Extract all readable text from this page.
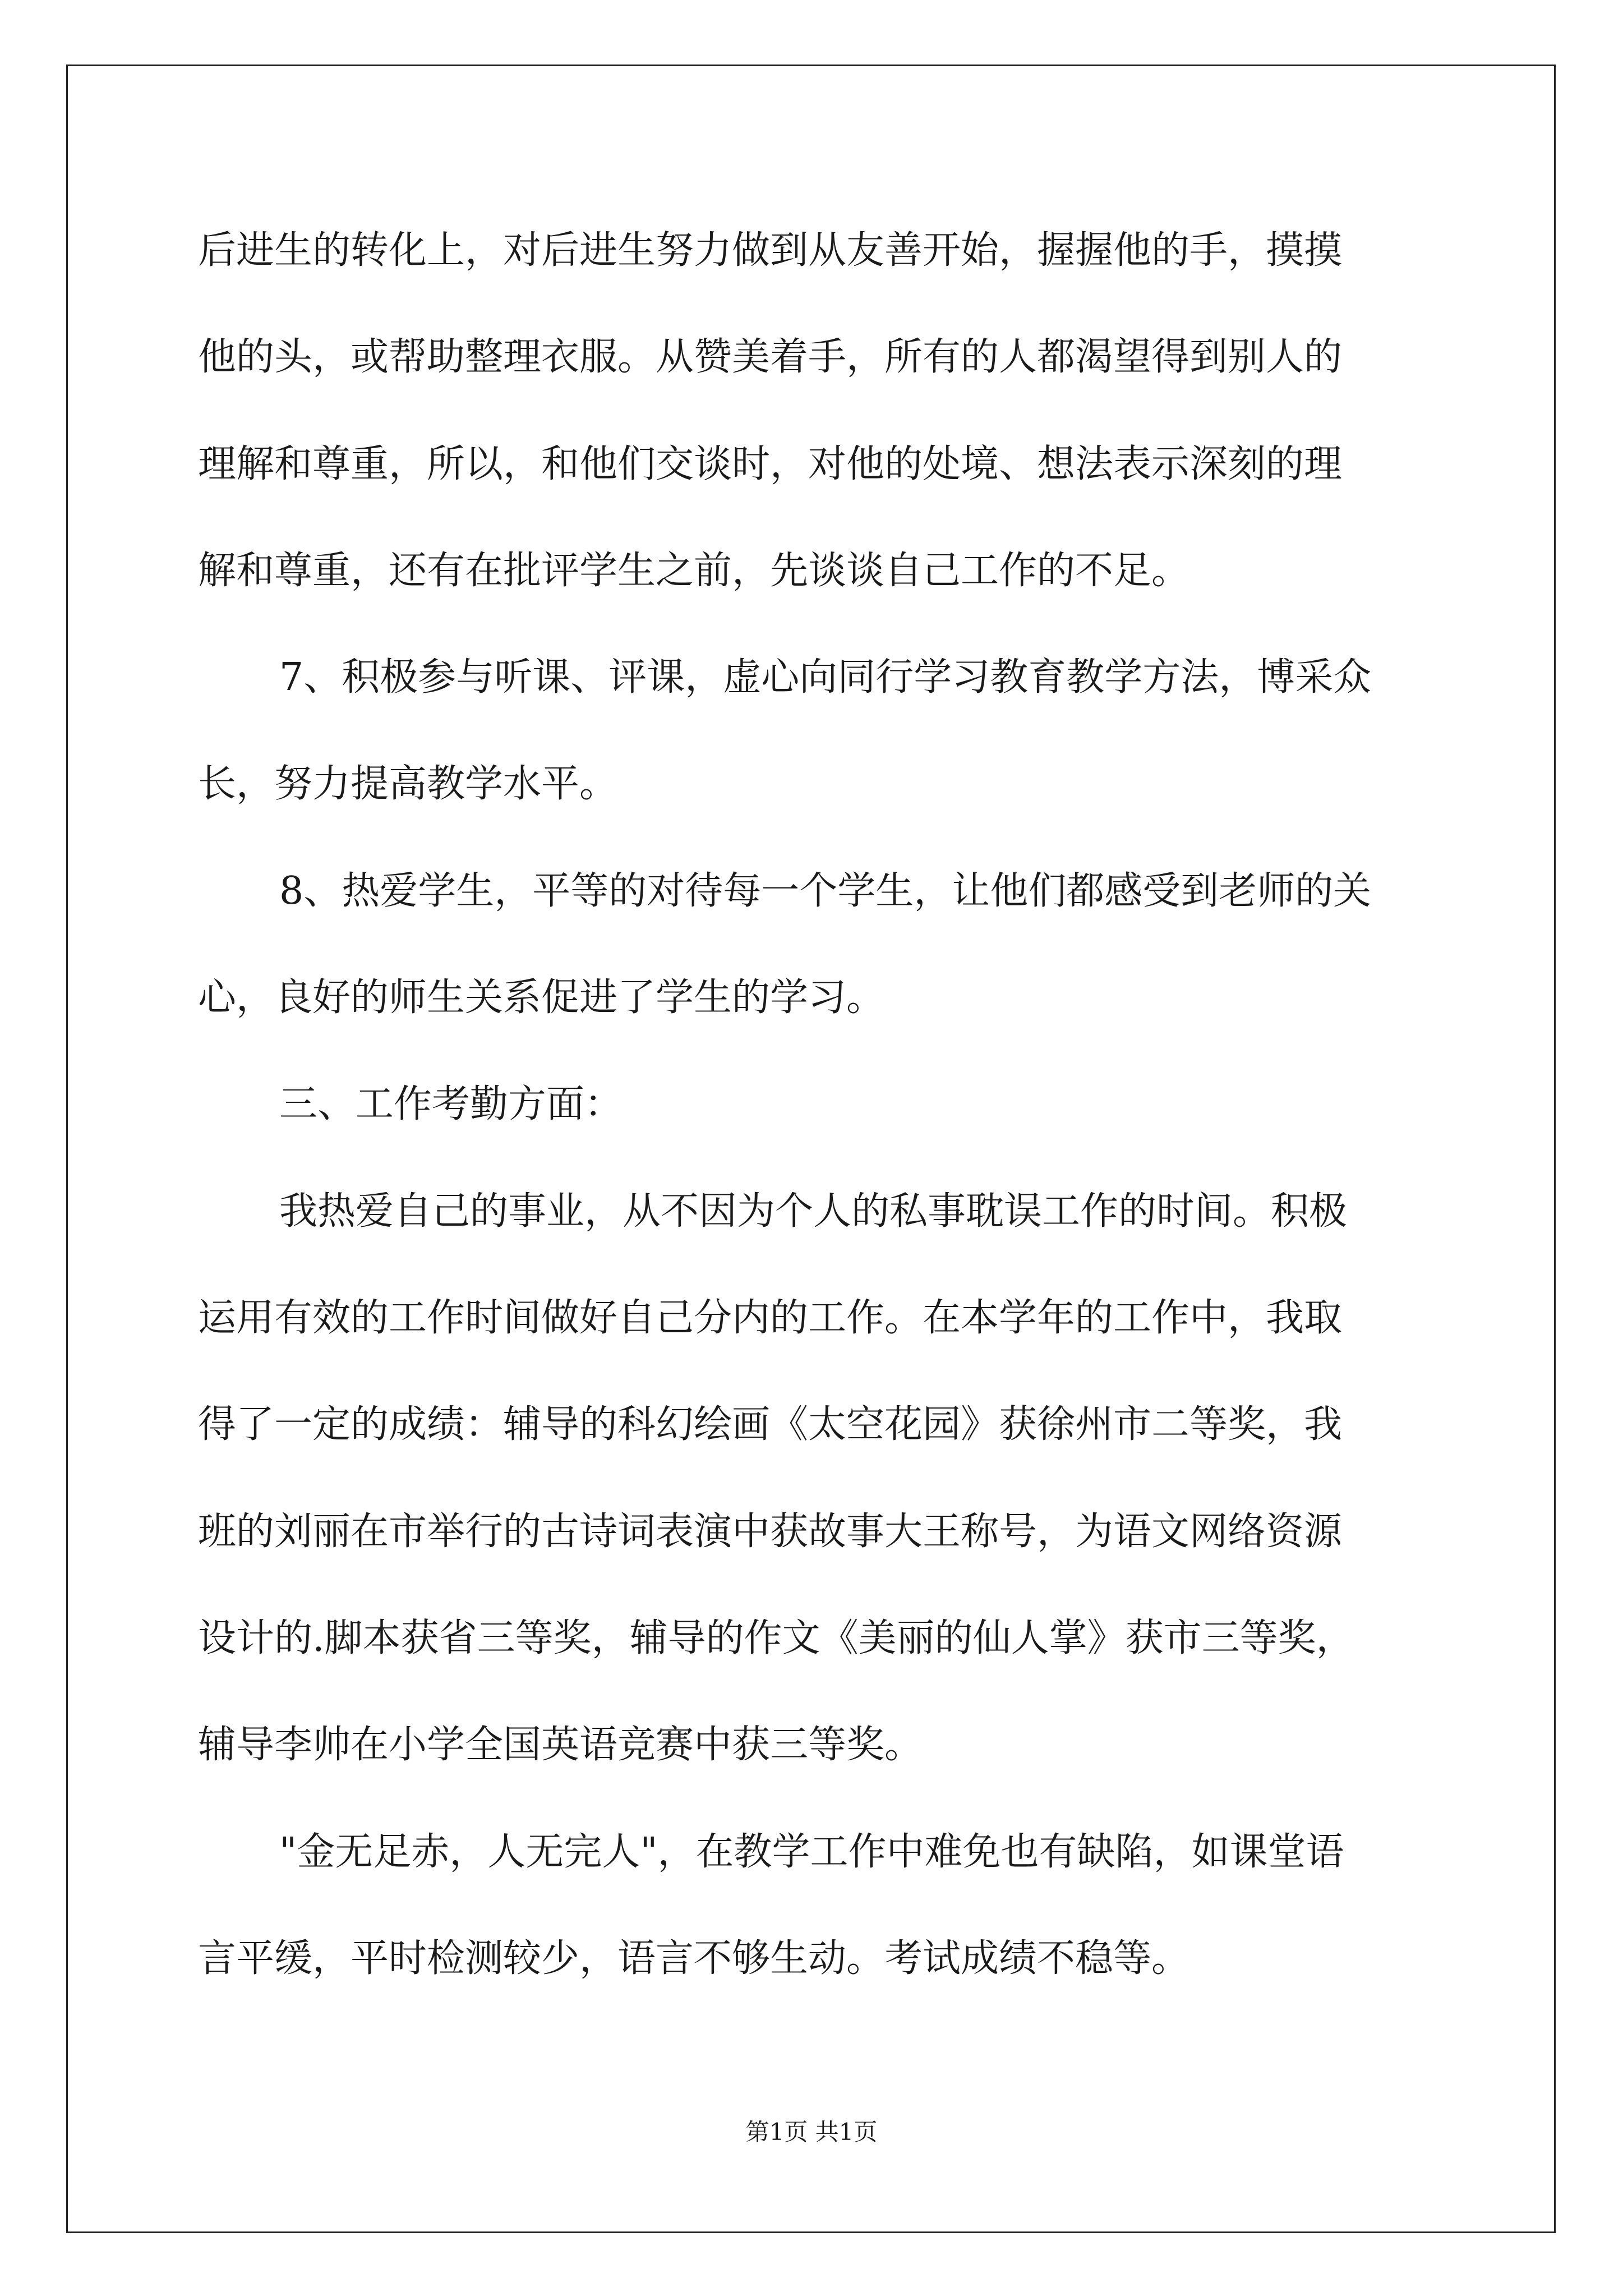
后进生的转化上，对后进生努力做到从友善开始，握握他的手，摸摸
他的头，或帮助整理衣服。从赞美着手，所有的人都渴望得到别人的
理解和尊重，所以，和他们交谈时，对他的处境、想法表示深刻的理
解和尊重，还有在批评学生之前，先谈谈自己工作的不足。
7、积极参与听课、评课，虚心向同行学习教育教学方法，博采众
长，努力提高教学水平。
8、热爱学生，平等的对待每一个学生，让他们都感受到老师的关
心，良好的师生关系促进了学生的学习。
三、工作考勤方面：
我热爱自己的事业，从不因为个人的私事耽误工作的时间。积极
运用有效的工作时间做好自己分内的工作。在本学年的工作中，我取
得了一定的成绩：辅导的科幻绘画《太空花园》获徐州市二等奖，我
班的刘丽在市举行的古诗词表演中获故事大王称号，为语文网络资源
设计的.脚本获省三等奖，辅导的作文《美丽的仙人掌》获市三等奖，
辅导李帅在小学全国英语竞赛中获三等奖。
"金无足赤，人无完人"，在教学工作中难免也有缺陷，如课堂语
言平缓，平时检测较少，语言不够生动。考试成绩不稳等。
第1页 共1页
